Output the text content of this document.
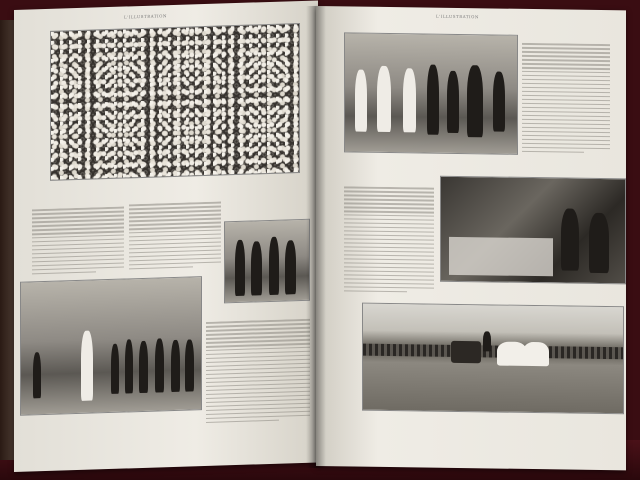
L'ILLUSTRATION	L'ILLUSTRATION
